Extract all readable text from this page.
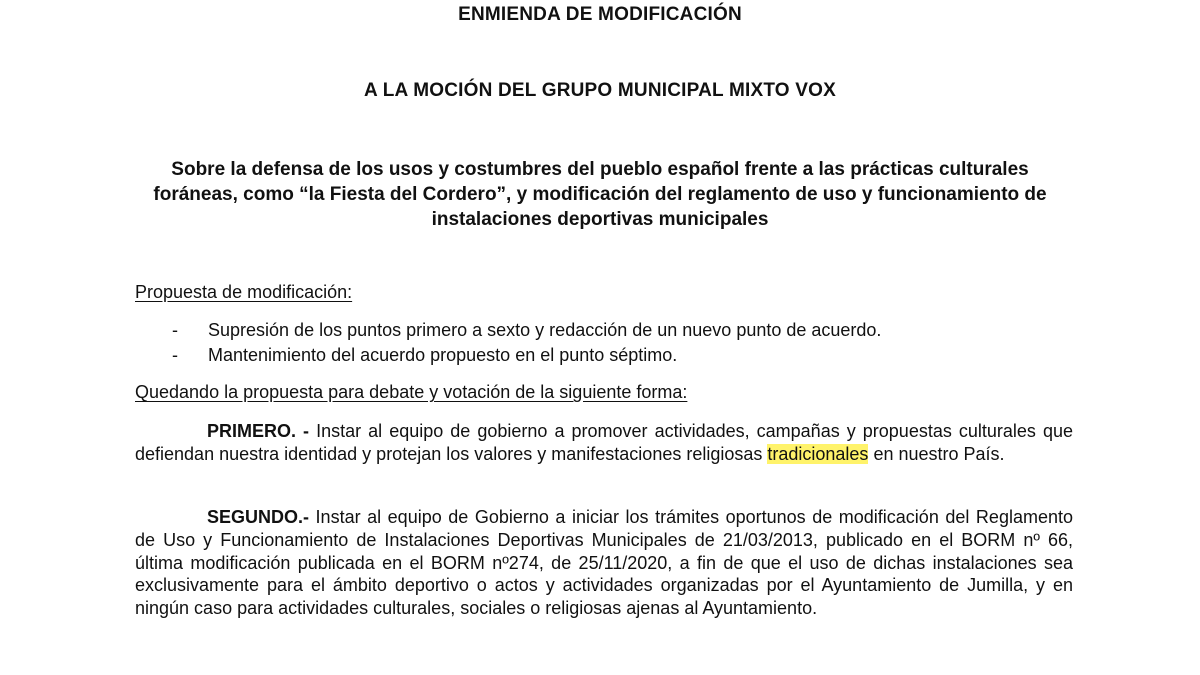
ENMIENDA DE MODIFICACIÓN
A LA MOCIÓN DEL GRUPO MUNICIPAL MIXTO VOX
Sobre la defensa de los usos y costumbres del pueblo español frente a las prácticas culturales foráneas, como “la Fiesta del Cordero”, y modificación del reglamento de uso y funcionamiento de instalaciones deportivas municipales
Propuesta de modificación:
- Supresión de los puntos primero a sexto y redacción de un nuevo punto de acuerdo.
- Mantenimiento del acuerdo propuesto en el punto séptimo.
Quedando la propuesta para debate y votación de la siguiente forma:

PRIMERO. - Instar al equipo de gobierno a promover actividades, campañas y propuestas culturales que defiendan nuestra identidad y protejan los valores y manifestaciones religiosas tradicionales en nuestro País.

SEGUNDO.- Instar al equipo de Gobierno a iniciar los trámites oportunos de modificación del Reglamento de Uso y Funcionamiento de Instalaciones Deportivas Municipales de 21/03/2013, publicado en el BORM nº 66, última modificación publicada en el BORM nº274, de 25/11/2020, a fin de que el uso de dichas instalaciones sea exclusivamente para el ámbito deportivo o actos y actividades organizadas por el Ayuntamiento de Jumilla, y en ningún caso para actividades culturales, sociales o religiosas ajenas al Ayuntamiento.
